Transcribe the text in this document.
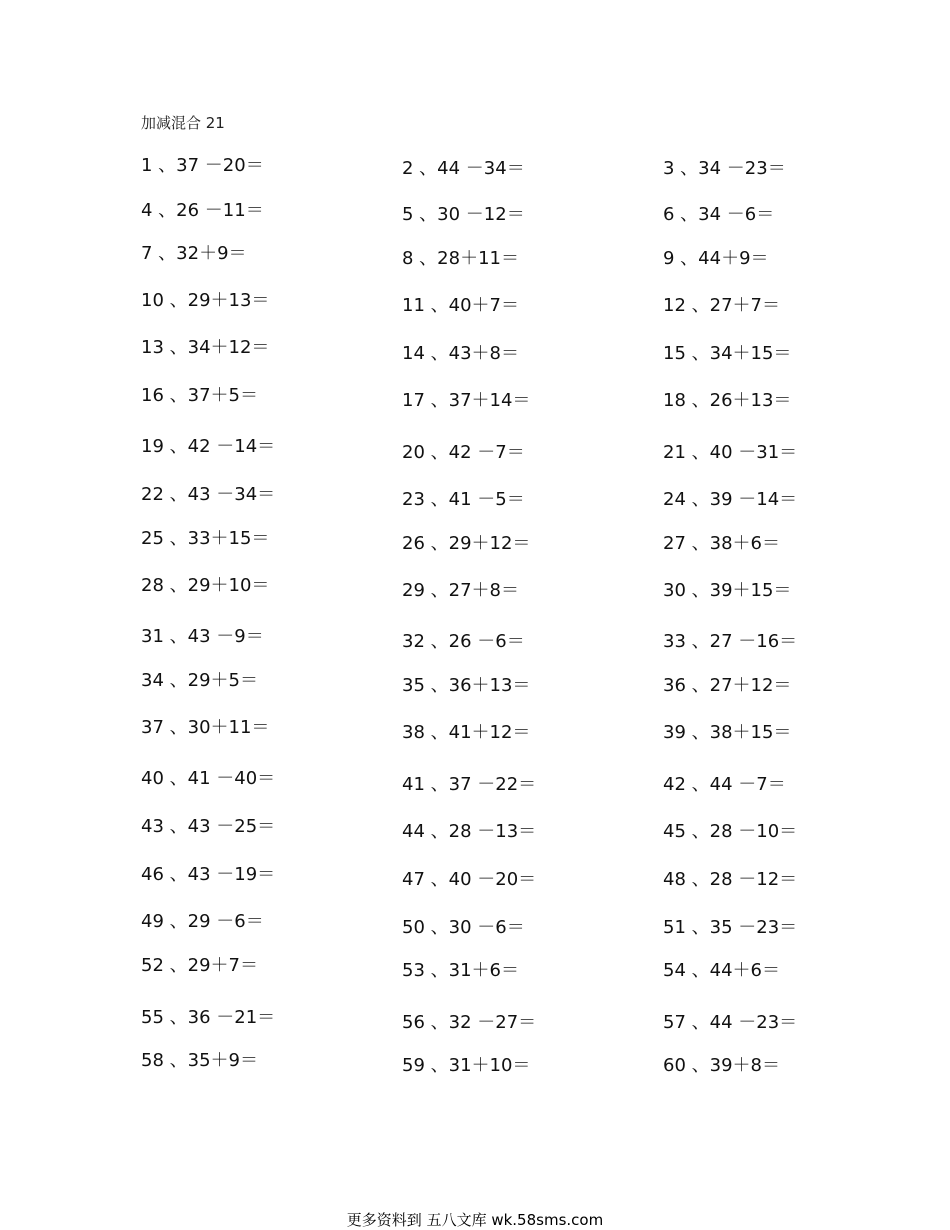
加减混合 21
1 、37 －20＝	2 、44 －34＝	3 、34 －23＝
4 、26 －11＝	5 、30 －12＝	6 、34 －6＝
7 、32＋9＝	8 、28＋11＝	9 、44＋9＝
10 、29＋13＝	11 、40＋7＝	12 、27＋7＝
13 、34＋12＝	14 、43＋8＝	15 、34＋15＝
16 、37＋5＝	17 、37＋14＝	18 、26＋13＝
19 、42 －14＝	20 、42 －7＝	21 、40 －31＝
22 、43 －34＝	23 、41 －5＝	24 、39 －14＝
25 、33＋15＝	26 、29＋12＝	27 、38＋6＝
28 、29＋10＝	29 、27＋8＝	30 、39＋15＝
31 、43 －9＝	32 、26 －6＝	33 、27 －16＝
34 、29＋5＝	35 、36＋13＝	36 、27＋12＝
37 、30＋11＝	38 、41＋12＝	39 、38＋15＝
40 、41 －40＝	41 、37 －22＝	42 、44 －7＝
43 、43 －25＝	44 、28 －13＝	45 、28 －10＝
46 、43 －19＝	47 、40 －20＝	48 、28 －12＝
49 、29 －6＝	50 、30 －6＝	51 、35 －23＝
52 、29＋7＝	53 、31＋6＝	54 、44＋6＝
55 、36 －21＝	56 、32 －27＝	57 、44 －23＝
58 、35＋9＝	59 、31＋10＝	60 、39＋8＝
更多资料到 五八文库 wk.58sms.com
